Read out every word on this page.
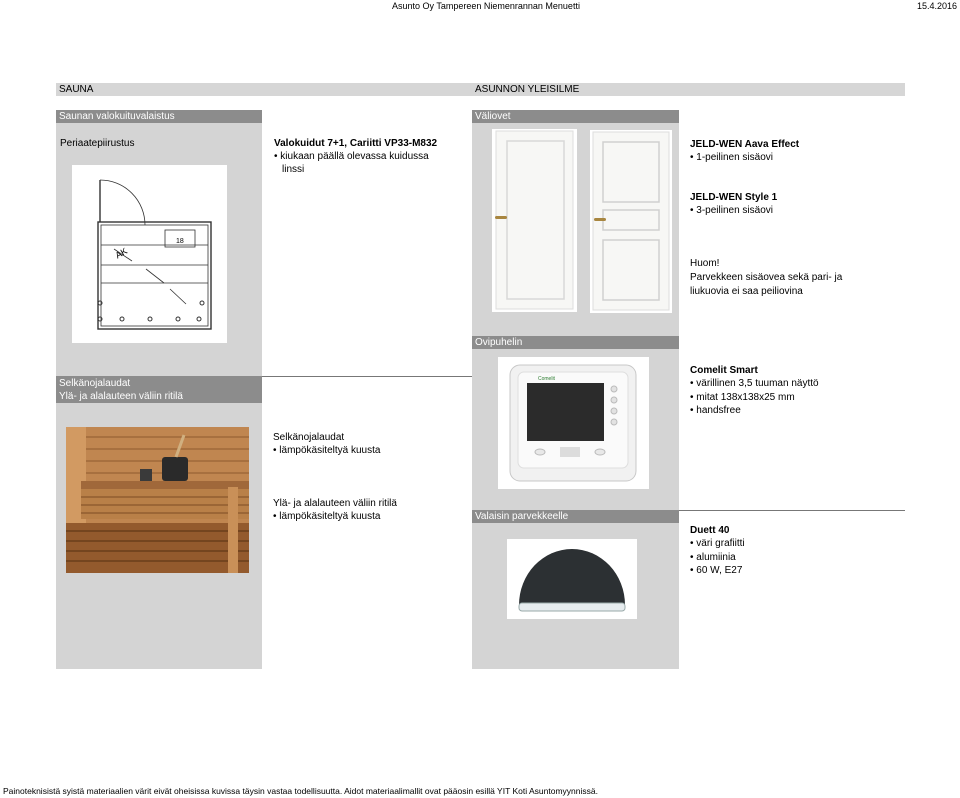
Asunto Oy Tampereen Niemenrannan Menuetti	15.4.2016
SAUNA	ASUNNON YLEISILME
Saunan valokuituvalaistus	Väliovet
Ovipuhelin
Valaisin parvekkeelle
Selkänojalaudat
Ylä- ja alalauteen väliin ritilä
Periaatepiirustus
AK
18
Valokuidut 7+1, Cariitti VP33-M832
• kiukaan päällä olevassa kuidussa
linssi
Selkänojalaudat
• lämpökäsiteltyä kuusta
Ylä- ja alalauteen väliin ritilä
• lämpökäsiteltyä kuusta
JELD-WEN Aava Effect
• 1-peilinen sisäovi
JELD-WEN Style 1
• 3-peilinen sisäovi
Huom!
Parvekkeen sisäovea sekä pari- ja
liukuovia ei saa peiliovina
Comelit
Comelit Smart
• värillinen 3,5 tuuman näyttö
• mitat 138x138x25 mm
• handsfree
Duett 40
• väri grafiitti
• alumiinia
• 60 W, E27
Painoteknisistä syistä materiaalien värit eivät oheisissa kuvissa täysin vastaa todellisuutta. Aidot materiaalimallit ovat pääosin esillä YIT Koti Asuntomyynnissä.
